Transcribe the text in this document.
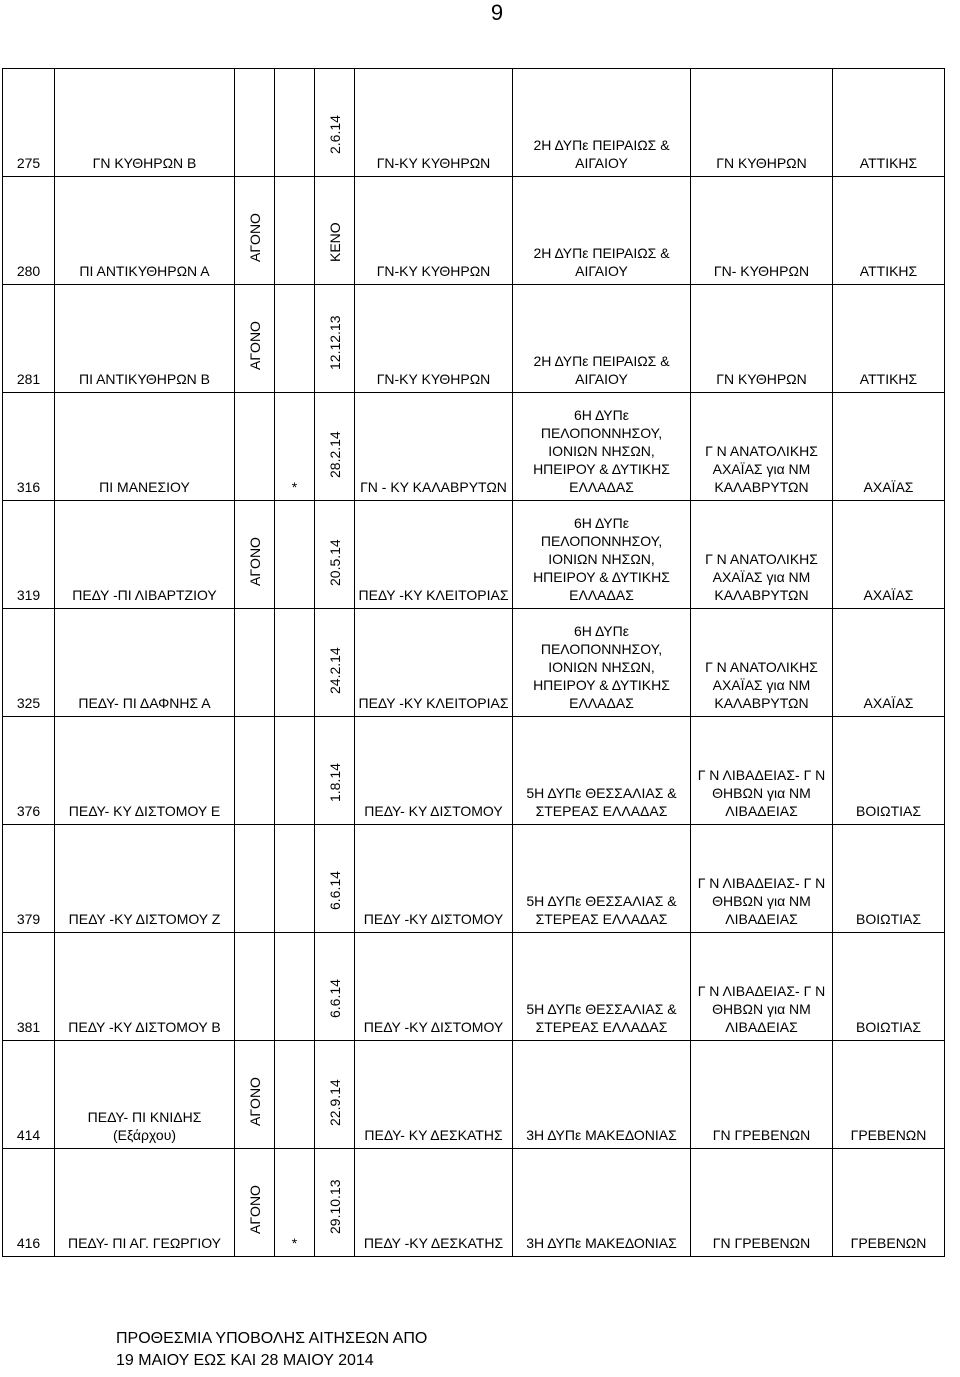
9
275	ΓΝ ΚΥΘΗΡΩΝ Β			2.6.14	ΓΝ-ΚΥ ΚΥΘΗΡΩΝ	2Η ΔΥΠε ΠΕΙΡΑΙΩΣ & ΑΙΓΑΙΟΥ	ΓΝ ΚΥΘΗΡΩΝ	ΑΤΤΙΚΗΣ
280	ΠΙ ΑΝΤΙΚΥΘΗΡΩΝ Α	ΑΓΟΝΟ		ΚΕΝΟ	ΓΝ-ΚΥ ΚΥΘΗΡΩΝ	2Η ΔΥΠε ΠΕΙΡΑΙΩΣ & ΑΙΓΑΙΟΥ	ΓΝ- ΚΥΘΗΡΩΝ	ΑΤΤΙΚΗΣ
281	ΠΙ ΑΝΤΙΚΥΘΗΡΩΝ Β	ΑΓΟΝΟ		12.12.13	ΓΝ-ΚΥ ΚΥΘΗΡΩΝ	2Η ΔΥΠε ΠΕΙΡΑΙΩΣ & ΑΙΓΑΙΟΥ	ΓΝ ΚΥΘΗΡΩΝ	ΑΤΤΙΚΗΣ
316	ΠΙ ΜΑΝΕΣΙΟΥ		*	28.2.14	ΓΝ - ΚΥ ΚΑΛΑΒΡΥΤΩΝ	6Η ΔΥΠε ΠΕΛΟΠΟΝΝΗΣΟΥ, ΙΟΝΙΩΝ ΝΗΣΩΝ, ΗΠΕΙΡΟΥ & ΔΥΤΙΚΗΣ ΕΛΛΑΔΑΣ	Γ Ν ΑΝΑΤΟΛΙΚΗΣ ΑΧΑΪΑΣ για ΝΜ ΚΑΛΑΒΡΥΤΩΝ	ΑΧΑΪΑΣ
319	ΠΕΔΥ -ΠΙ ΛΙΒΑΡΤΖΙΟΥ	ΑΓΟΝΟ		20.5.14	ΠΕΔΥ -ΚΥ ΚΛΕΙΤΟΡΙΑΣ	6Η ΔΥΠε ΠΕΛΟΠΟΝΝΗΣΟΥ, ΙΟΝΙΩΝ ΝΗΣΩΝ, ΗΠΕΙΡΟΥ & ΔΥΤΙΚΗΣ ΕΛΛΑΔΑΣ	Γ Ν ΑΝΑΤΟΛΙΚΗΣ ΑΧΑΪΑΣ για ΝΜ ΚΑΛΑΒΡΥΤΩΝ	ΑΧΑΪΑΣ
325	ΠΕΔΥ- ΠΙ ΔΑΦΝΗΣ Α			24.2.14	ΠΕΔΥ -ΚΥ ΚΛΕΙΤΟΡΙΑΣ	6Η ΔΥΠε ΠΕΛΟΠΟΝΝΗΣΟΥ, ΙΟΝΙΩΝ ΝΗΣΩΝ, ΗΠΕΙΡΟΥ & ΔΥΤΙΚΗΣ ΕΛΛΑΔΑΣ	Γ Ν ΑΝΑΤΟΛΙΚΗΣ ΑΧΑΪΑΣ για ΝΜ ΚΑΛΑΒΡΥΤΩΝ	ΑΧΑΪΑΣ
376	ΠΕΔΥ- ΚΥ ΔΙΣΤΟΜΟΥ Ε			1.8.14	ΠΕΔΥ- ΚΥ ΔΙΣΤΟΜΟΥ	5Η ΔΥΠε ΘΕΣΣΑΛΙΑΣ & ΣΤΕΡΕΑΣ ΕΛΛΑΔΑΣ	Γ Ν ΛΙΒΑΔΕΙΑΣ- Γ Ν ΘΗΒΩΝ για ΝΜ ΛΙΒΑΔΕΙΑΣ	ΒΟΙΩΤΙΑΣ
379	ΠΕΔΥ -ΚΥ ΔΙΣΤΟΜΟΥ Ζ			6.6.14	ΠΕΔΥ -ΚΥ ΔΙΣΤΟΜΟΥ	5Η ΔΥΠε ΘΕΣΣΑΛΙΑΣ & ΣΤΕΡΕΑΣ ΕΛΛΑΔΑΣ	Γ Ν ΛΙΒΑΔΕΙΑΣ- Γ Ν ΘΗΒΩΝ για ΝΜ ΛΙΒΑΔΕΙΑΣ	ΒΟΙΩΤΙΑΣ
381	ΠΕΔΥ -ΚΥ ΔΙΣΤΟΜΟΥ Β			6.6.14	ΠΕΔΥ -ΚΥ ΔΙΣΤΟΜΟΥ	5Η ΔΥΠε ΘΕΣΣΑΛΙΑΣ & ΣΤΕΡΕΑΣ ΕΛΛΑΔΑΣ	Γ Ν ΛΙΒΑΔΕΙΑΣ- Γ Ν ΘΗΒΩΝ για ΝΜ ΛΙΒΑΔΕΙΑΣ	ΒΟΙΩΤΙΑΣ
414	ΠΕΔΥ- ΠΙ ΚΝΙΔΗΣ (Εξάρχου)	ΑΓΟΝΟ		22.9.14	ΠΕΔΥ- ΚΥ ΔΕΣΚΑΤΗΣ	3Η ΔΥΠε ΜΑΚΕΔΟΝΙΑΣ	ΓΝ ΓΡΕΒΕΝΩΝ	ΓΡΕΒΕΝΩΝ
416	ΠΕΔΥ- ΠΙ ΑΓ. ΓΕΩΡΓΙΟΥ	ΑΓΟΝΟ	*	29.10.13	ΠΕΔΥ -ΚΥ ΔΕΣΚΑΤΗΣ	3Η ΔΥΠε ΜΑΚΕΔΟΝΙΑΣ	ΓΝ ΓΡΕΒΕΝΩΝ	ΓΡΕΒΕΝΩΝ
ΠΡΟΘΕΣΜΙΑ ΥΠΟΒΟΛΗΣ ΑΙΤΗΣΕΩΝ ΑΠΟ
19 ΜΑΙΟΥ ΕΩΣ ΚΑΙ 28 ΜΑΙΟΥ 2014
